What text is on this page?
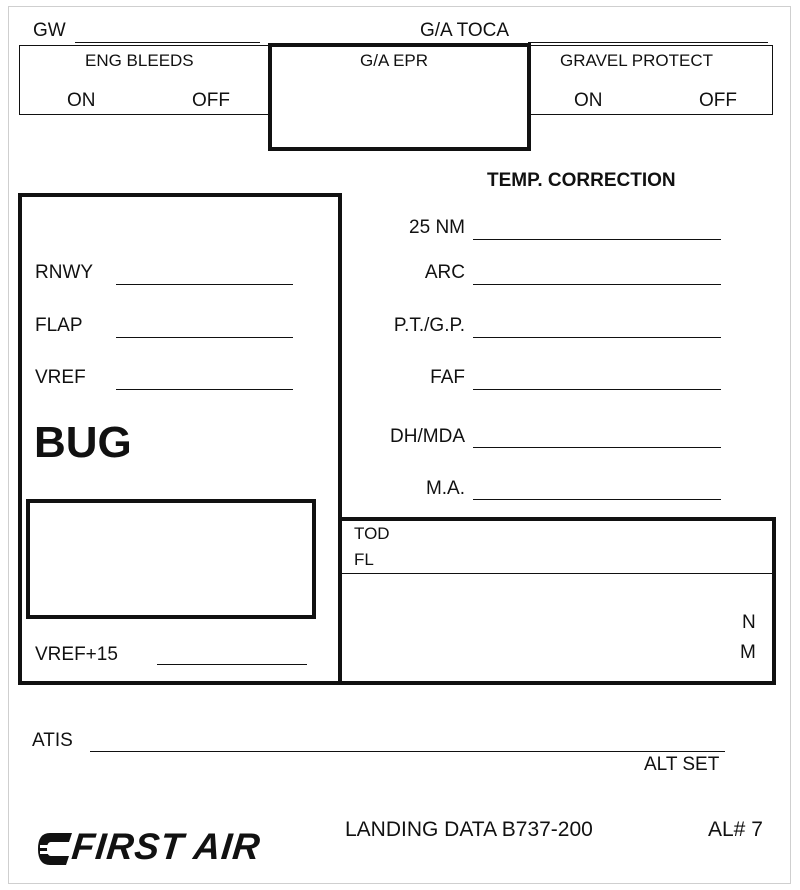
GW	G/A TOCA
ENG BLEEDS
ON	OFF
G/A EPR	GRAVEL PROTECT
ON	OFF
TEMP. CORRECTION
RNWY
FLAP
VREF
BUG
VREF+15
25 NM
ARC
P.T./G.P.
FAF
DH/MDA
M.A.
TOD
FL
N
M
ATIS
ALT SET
FIRST AIR	LANDING DATA B737-200	AL# 7
